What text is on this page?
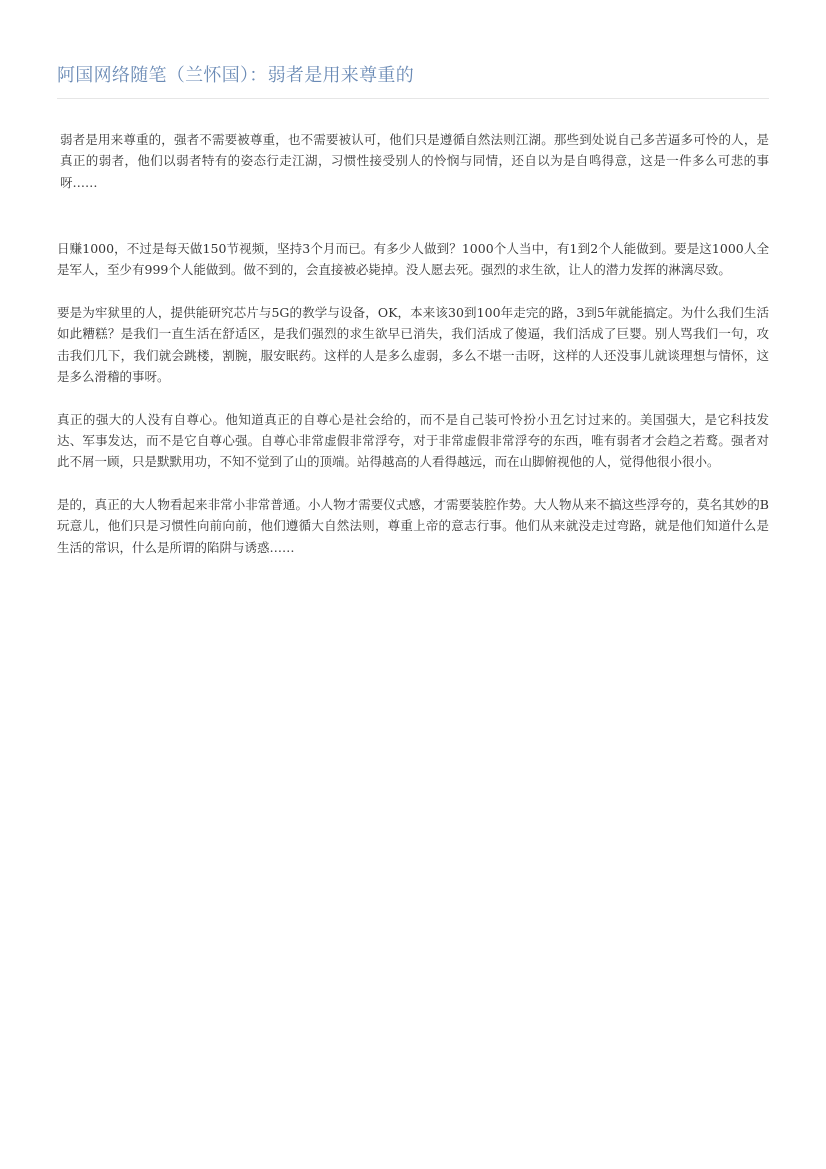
阿国网络随笔（兰怀国）：弱者是用来尊重的

弱者是用来尊重的，强者不需要被尊重，也不需要被认可，他们只是遵循自然法则江湖。那些到处说自己多苦逼多可怜的人，是真正的弱者，他们以弱者特有的姿态行走江湖，习惯性接受别人的怜悯与同情，还自以为是自鸣得意，这是一件多么可悲的事呀……

日赚1000，不过是每天做150节视频，坚持3个月而已。有多少人做到？1000个人当中，有1到2个人能做到。要是这1000人全是军人，至少有999个人能做到。做不到的，会直接被必毙掉。没人愿去死。强烈的求生欲，让人的潜力发挥的淋漓尽致。

要是为牢狱里的人，提供能研究芯片与5G的教学与设备，OK，本来该30到100年走完的路，3到5年就能搞定。为什么我们生活如此糟糕？是我们一直生活在舒适区，是我们强烈的求生欲早已消失，我们活成了傻逼，我们活成了巨婴。别人骂我们一句，攻击我们几下，我们就会跳楼，割腕，服安眠药。这样的人是多么虚弱，多么不堪一击呀，这样的人还没事儿就谈理想与情怀，这是多么滑稽的事呀。

真正的强大的人没有自尊心。他知道真正的自尊心是社会给的，而不是自己装可怜扮小丑乞讨过来的。美国强大，是它科技发达、军事发达，而不是它自尊心强。自尊心非常虚假非常浮夸，对于非常虚假非常浮夸的东西，唯有弱者才会趋之若鹜。强者对此不屑一顾，只是默默用功，不知不觉到了山的顶端。站得越高的人看得越远，而在山脚俯视他的人，觉得他很小很小。

是的，真正的大人物看起来非常小非常普通。小人物才需要仪式感，才需要装腔作势。大人物从来不搞这些浮夸的，莫名其妙的B玩意儿，他们只是习惯性向前向前，他们遵循大自然法则，尊重上帝的意志行事。他们从来就没走过弯路，就是他们知道什么是生活的常识，什么是所谓的陷阱与诱惑……
